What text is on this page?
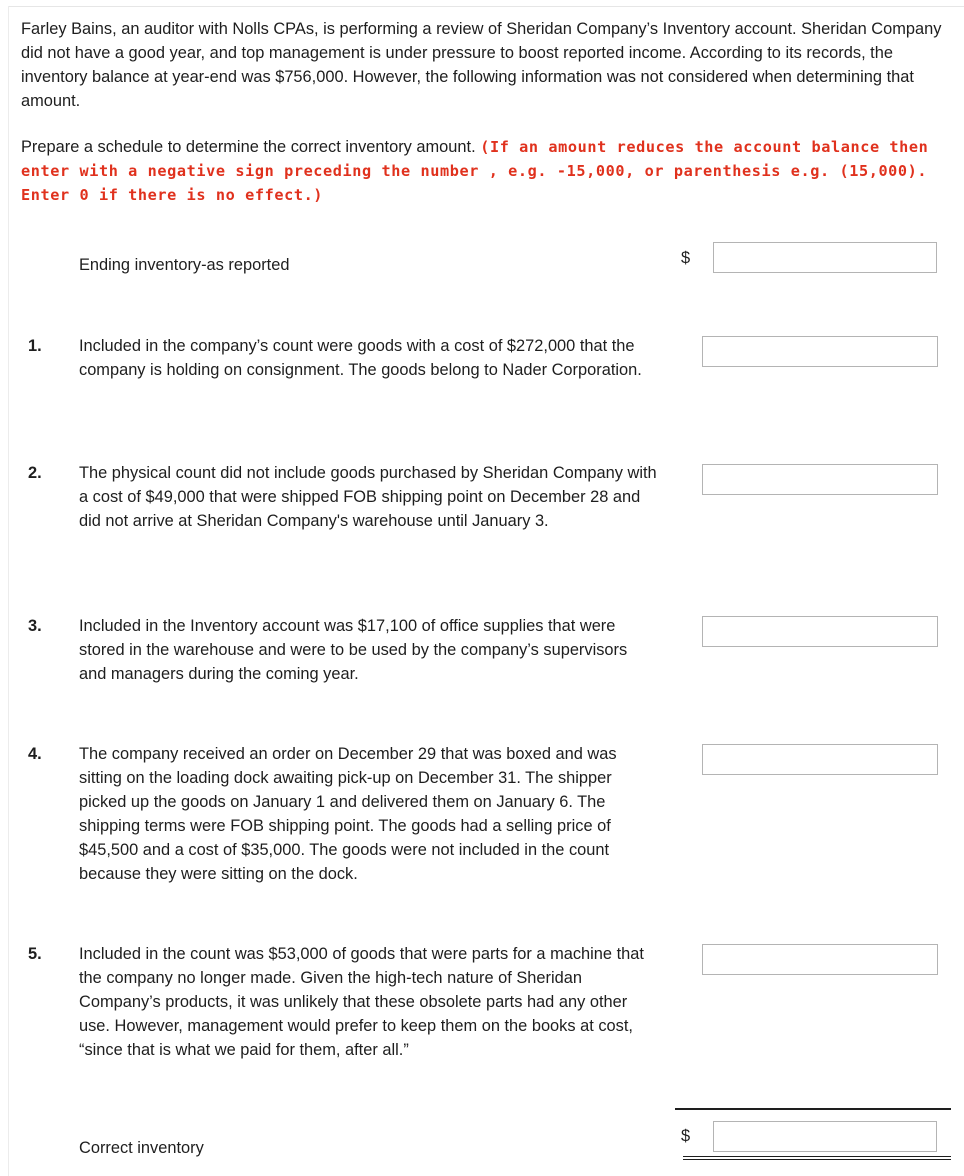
Farley Bains, an auditor with Nolls CPAs, is performing a review of Sheridan Company’s Inventory account. Sheridan Company did not have a good year, and top management is under pressure to boost reported income. According to its records, the inventory balance at year-end was $756,000. However, the following information was not considered when determining that amount.
Prepare a schedule to determine the correct inventory amount. (If an amount reduces the account balance then enter with a negative sign preceding the number , e.g. -15,000, or parenthesis e.g. (15,000). Enter 0 if there is no effect.)
Ending inventory-as reported	$
1. Included in the company’s count were goods with a cost of $272,000 that the company is holding on consignment. The goods belong to Nader Corporation.
2. The physical count did not include goods purchased by Sheridan Company with a cost of $49,000 that were shipped FOB shipping point on December 28 and did not arrive at Sheridan Company's warehouse until January 3.
3. Included in the Inventory account was $17,100 of office supplies that were stored in the warehouse and were to be used by the company’s supervisors and managers during the coming year.
4. The company received an order on December 29 that was boxed and was sitting on the loading dock awaiting pick-up on December 31. The shipper picked up the goods on January 1 and delivered them on January 6. The shipping terms were FOB shipping point. The goods had a selling price of $45,500 and a cost of $35,000. The goods were not included in the count because they were sitting on the dock.
5. Included in the count was $53,000 of goods that were parts for a machine that the company no longer made. Given the high-tech nature of Sheridan Company’s products, it was unlikely that these obsolete parts had any other use. However, management would prefer to keep them on the books at cost, “since that is what we paid for them, after all.”
Correct inventory
$
